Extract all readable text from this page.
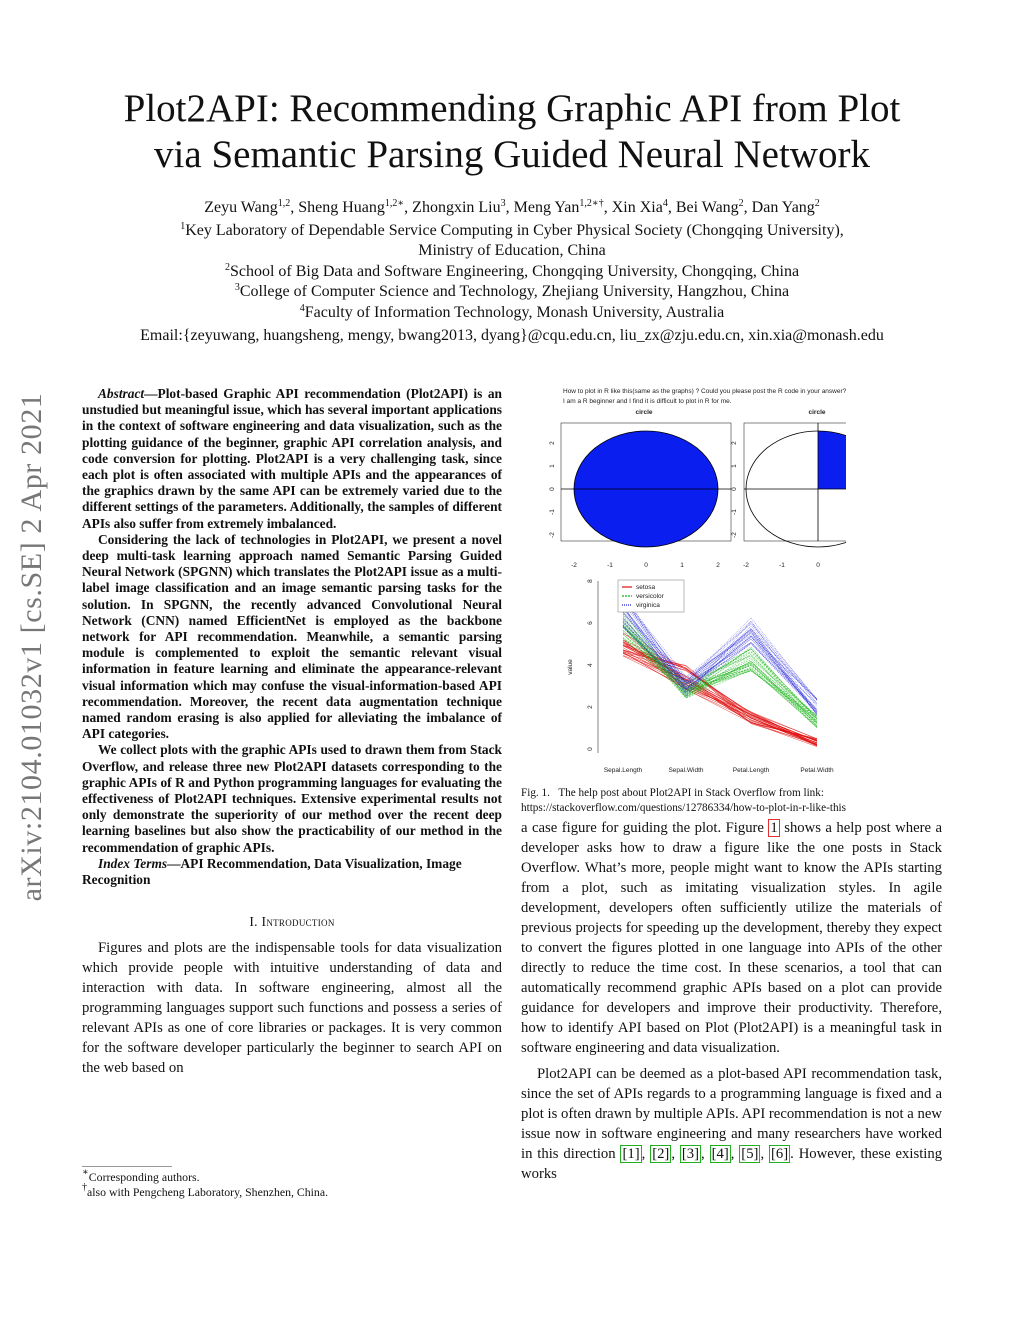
Plot2API: Recommending Graphic API from Plot
via Semantic Parsing Guided Neural Network
Zeyu Wang$^{1,2}$, Sheng Huang$^{1,2∗}$, Zhongxin Liu$^3$, Meng Yan$^{1,2∗\dagger}$, Xin Xia$^4$, Bei Wang$^2$, Dan Yang$^2$
$^1$Key Laboratory of Dependable Service Computing in Cyber Physical Society (Chongqing University),
Ministry of Education, China
$^2$School of Big Data and Software Engineering, Chongqing University, Chongqing, China
$^3$College of Computer Science and Technology, Zhejiang University, Hangzhou, China
$^4$Faculty of Information Technology, Monash University, Australia
Email:{zeyuwang, huangsheng, mengy, bwang2013, dyang}@cqu.edu.cn, liu_zx@zju.edu.cn, xin.xia@monash.edu
arXiv:2104.01032v1 [cs.SE] 2 Apr 2021	Abstract—Plot-based Graphic API recommendation (Plot2API) is an unstudied but meaningful issue, which has several important applications in the context of software engineering and data visualization, such as the plotting guidance of the beginner, graphic API correlation analysis, and code conversion for plotting. Plot2API is a very challenging task, since each plot is often associated with multiple APIs and the appearances of the graphics drawn by the same API can be extremely varied due to the different settings of the parameters. Additionally, the samples of different APIs also suffer from extremely imbalanced.

Considering the lack of technologies in Plot2API, we present a novel deep multi-task learning approach named Semantic Parsing Guided Neural Network (SPGNN) which translates the Plot2API issue as a multi-label image classification and an image semantic parsing tasks for the solution. In SPGNN, the recently advanced Convolutional Neural Network (CNN) named EfficientNet is employed as the backbone network for API recommendation. Meanwhile, a semantic parsing module is complemented to exploit the semantic relevant visual information in feature learning and eliminate the appearance-relevant visual information which may confuse the visual-information-based API recommendation. Moreover, the recent data augmentation technique named random erasing is also applied for alleviating the imbalance of API categories.

We collect plots with the graphic APIs used to drawn them from Stack Overflow, and release three new Plot2API datasets corresponding to the graphic APIs of R and Python programming languages for evaluating the effectiveness of Plot2API techniques. Extensive experimental results not only demonstrate the superiority of our method over the recent deep learning baselines but also show the practicability of our method in the recommendation of graphic APIs.

Index Terms—API Recommendation, Data Visualization, Image Recognition

I. Introduction

Figures and plots are the indispensable tools for data visualization which provide people with intuitive understanding of data and interaction with data. In software engineering, almost all the programming languages support such functions and possess a series of relevant APIs as one of core libraries or packages. It is very common for the software developer particularly the beginner to search API on the web based on

∗Corresponding authors.
†also with Pengcheng Laboratory, Shenzhen, China.
How to plot in R like this(same as the graphs) ? Could you please post the R code in your answer?
I am a R beginner and I find it is difficult to plot in R for me.
circle
-2	-1	0	1	2
-2
-1
0
1
2
circle
-2	-1	0
-2
-1
0
1
2
value
0
2
4
6
8
setosa
versicolor
virginica
Sepal.Length	Sepal.Width	Petal.Length	Petal.Width
Fig. 1. The help post about Plot2API in Stack Overflow from link: https://stackoverflow.com/questions/12786334/how-to-plot-in-r-like-this

a case figure for guiding the plot. Figure 1 shows a help post where a developer asks how to draw a figure like the one posts in Stack Overflow. What’s more, people might want to know the APIs starting from a plot, such as imitating visualization styles. In agile development, developers often sufficiently utilize the materials of previous projects for speeding up the development, thereby they expect to convert the figures plotted in one language into APIs of the other directly to reduce the time cost. In these scenarios, a tool that can automatically recommend graphic APIs based on a plot can provide guidance for developers and improve their productivity. Therefore, how to identify API based on Plot (Plot2API) is a meaningful task in software engineering and data visualization.

Plot2API can be deemed as a plot-based API recommendation task, since the set of APIs regards to a programming language is fixed and a plot is often drawn by multiple APIs. API recommendation is not a new issue now in software engineering and many researchers have worked in this direction [1] , [2] , [3] , [4] , [5] , [6] . However, these existing works
